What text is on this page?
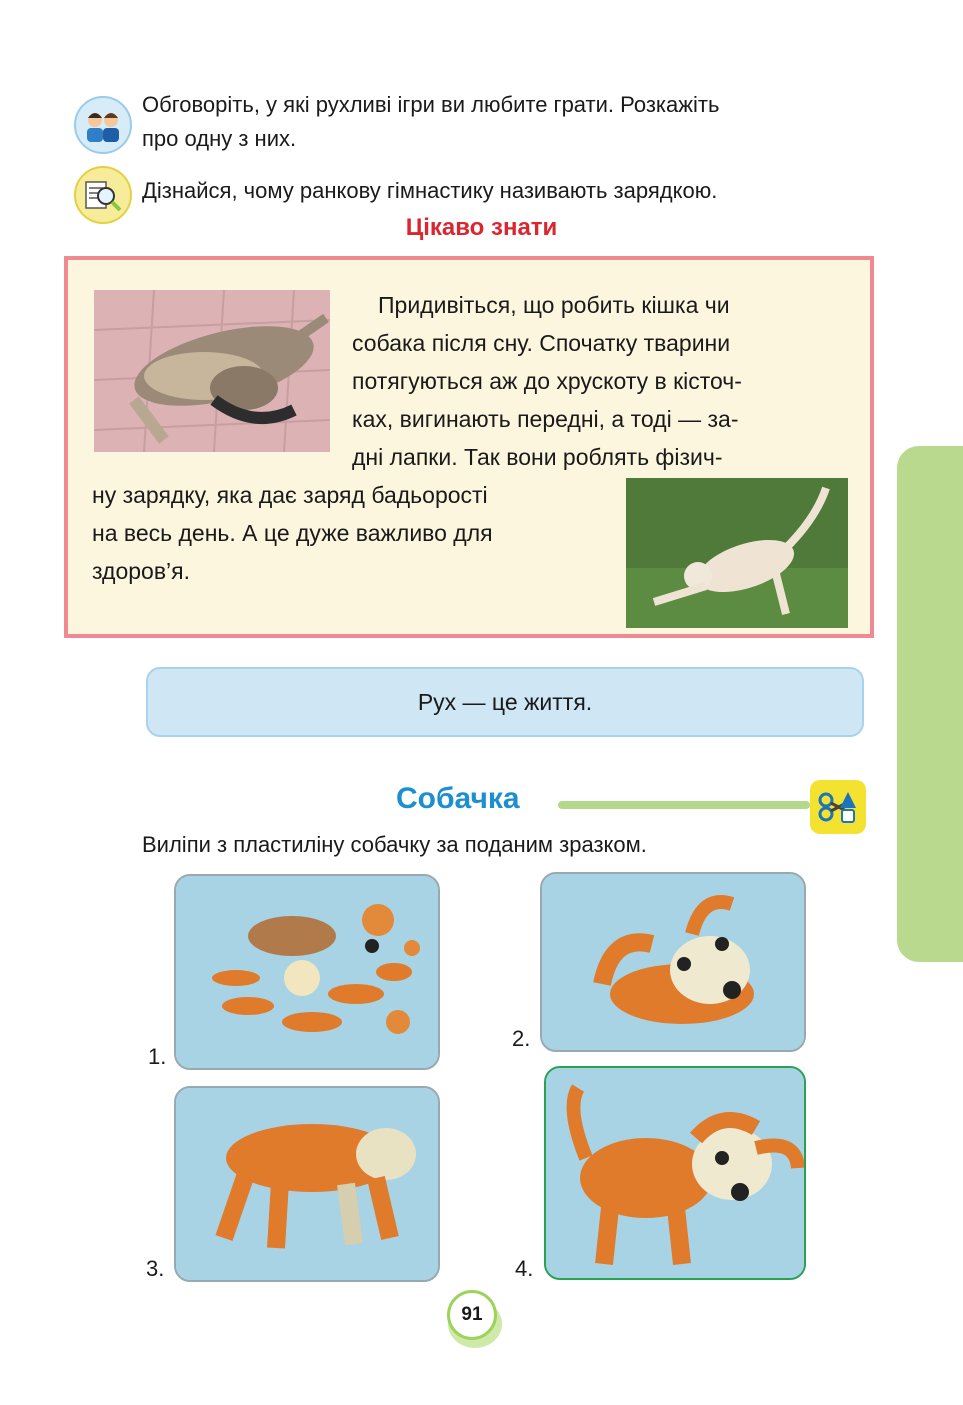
Обговоріть, у які рухливі ігри ви любите грати. Розкажіть
про одну з них.
Дізнайся, чому ранкову гімнастику називають зарядкою.
Цікаво знати
Придивіться, що робить кішка чи
собака після сну. Спочатку тварини
потягуються аж до хрускоту в кісточ-
ках, вигинають передні, а тоді — за-
дні лапки. Так вони роблять фізич-
ну зарядку, яка дає заряд бадьорості
на весь день. А це дуже важливо для
здоров’я.
Рух — це життя.
Собачка
Виліпи з пластиліну собачку за поданим зразком.
1.
2.
3.	4.
91
